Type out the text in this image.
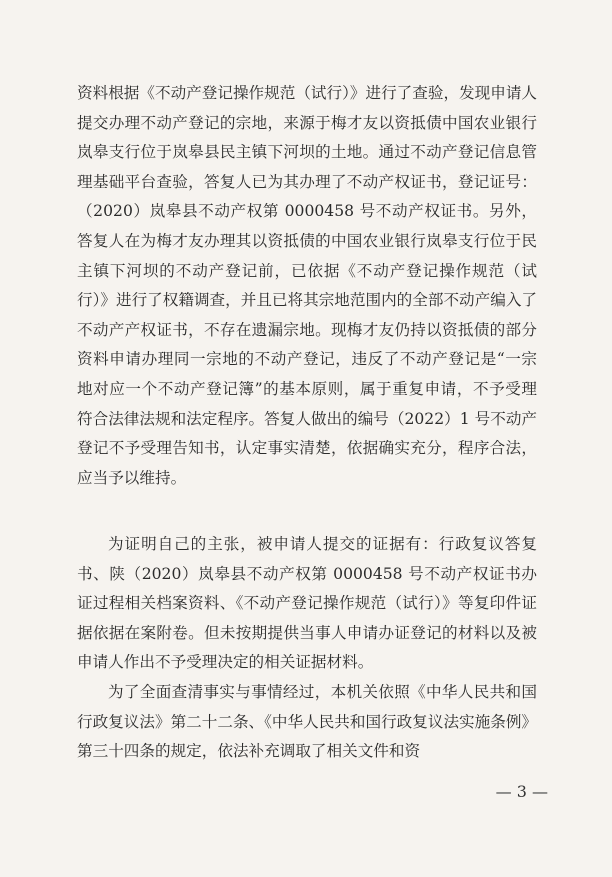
资料根据《不动产登记操作规范（试行）》进行了查验，发现申请人提交办理不动产登记的宗地，来源于梅才友以资抵债中国农业银行岚皋支行位于岚皋县民主镇下河坝的土地。通过不动产登记信息管理基础平台查验，答复人已为其办理了不动产权证书，登记证号：（2020）岚皋县不动产权第 0000458 号不动产权证书。另外，答复人在为梅才友办理其以资抵债的中国农业银行岚皋支行位于民主镇下河坝的不动产登记前，已依据《不动产登记操作规范（试行）》进行了权籍调查，并且已将其宗地范围内的全部不动产编入了不动产产权证书，不存在遗漏宗地。现梅才友仍持以资抵债的部分资料申请办理同一宗地的不动产登记，违反了不动产登记是“一宗地对应一个不动产登记簿”的基本原则，属于重复申请，不予受理符合法律法规和法定程序。答复人做出的编号（2022）1 号不动产登记不予受理告知书，认定事实清楚，依据确实充分，程序合法，应当予以维持。

为证明自己的主张，被申请人提交的证据有：行政复议答复书、陕（2020）岚皋县不动产权第 0000458 号不动产权证书办证过程相关档案资料、《不动产登记操作规范（试行）》等复印件证据依据在案附卷。但未按期提供当事人申请办证登记的材料以及被申请人作出不予受理决定的相关证据材料。

为了全面查清事实与事情经过，本机关依照《中华人民共和国行政复议法》第二十二条、《中华人民共和国行政复议法实施条例》第三十四条的规定，依法补充调取了相关文件和资

— 3 —
